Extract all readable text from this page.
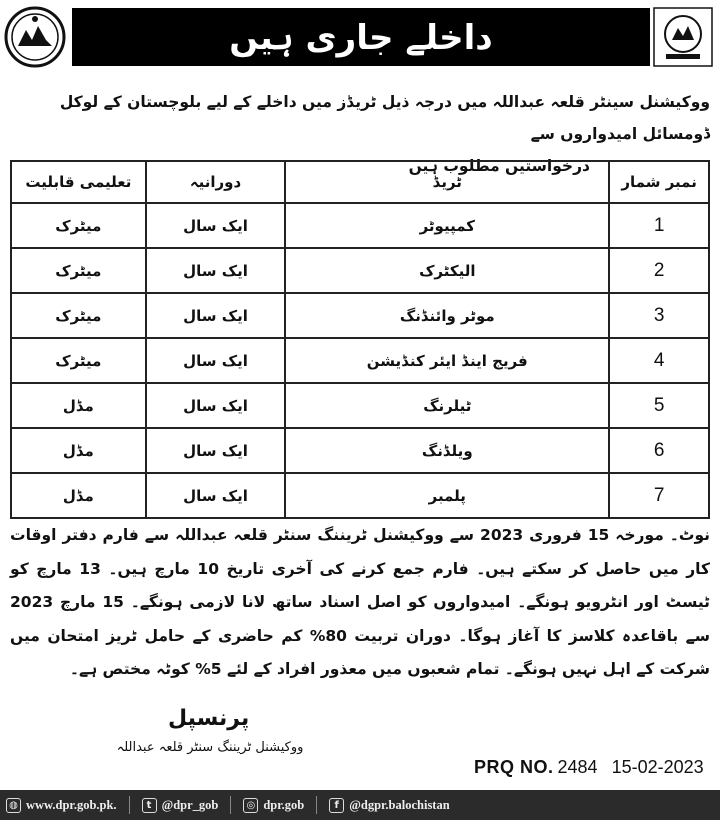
داخلے جاری ہیں
ووکیشنل سینٹر قلعہ عبداللہ میں درجہ ذیل ٹریڈز میں داخلے کے لیے بلوچستان کے لوکل ڈومسائل امیدواروں سے
درخواستیں مطلوب ہیں
نمبر شمار	ٹریڈ	دورانیہ	تعلیمی قابلیت
1	کمپیوٹر	ایک سال	میٹرک
2	الیکٹرک	ایک سال	میٹرک
3	موٹر وائنڈنگ	ایک سال	میٹرک
4	فریج اینڈ ایئر کنڈیشن	ایک سال	میٹرک
5	ٹیلرنگ	ایک سال	مڈل
6	ویلڈنگ	ایک سال	مڈل
7	پلمبر	ایک سال	مڈل
نوٹ۔ مورخہ 15 فروری 2023 سے ووکیشنل ٹریننگ سنٹر قلعہ عبداللہ سے فارم دفتر اوقات کار میں حاصل کر سکتے ہیں۔ فارم جمع کرنے کی آخری تاریخ 10 مارچ ہیں۔ 13 مارچ کو ٹیسٹ اور انٹرویو ہونگے۔ امیدواروں کو اصل اسناد ساتھ لانا لازمی ہونگے۔ 15 مارچ 2023 سے باقاعدہ کلاسز کا آغاز ہوگا۔ دوران تربیت 80% کم حاضری کے حامل ٹریز امتحان میں شرکت کے اہل نہیں ہونگے۔ تمام شعبوں میں معذور افراد کے لئے 5% کوٹہ مختص ہے۔
پرنسپل
ووکیشنل ٹریننگ سنٹر قلعہ عبداللہ
PRQ NO. 2484 15-02-2023
◍ www.dpr.gob.pk.	t @dpr_gob	◎ dpr.gob	f @dgpr.balochistan
